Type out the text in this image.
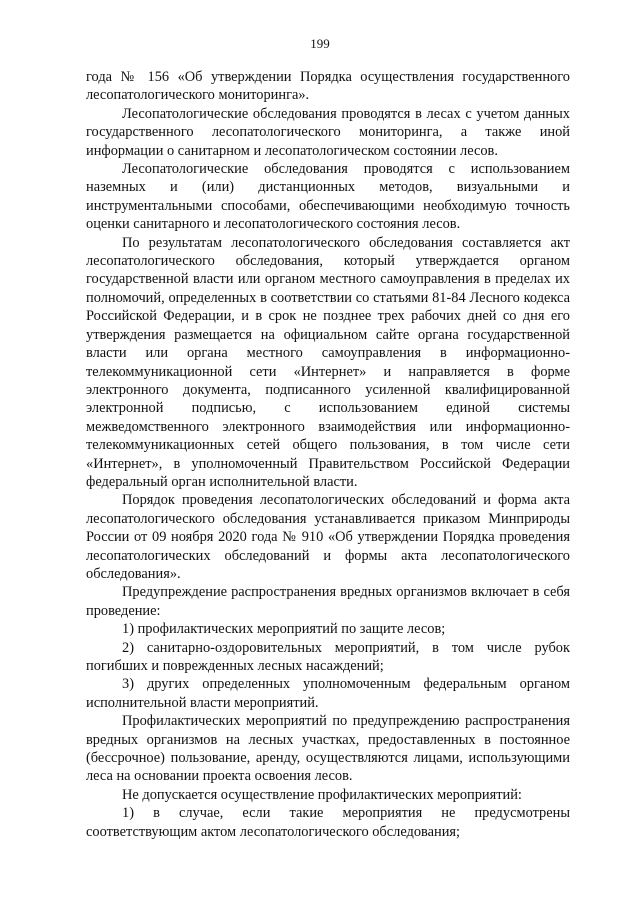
199

года № 156 «Об утверждении Порядка осуществления государственного лесопатологического мониторинга».

Лесопатологические обследования проводятся в лесах с учетом данных государственного лесопатологического мониторинга, а также иной информации о санитарном и лесопатологическом состоянии лесов.

Лесопатологические обследования проводятся с использованием наземных и (или) дистанционных методов, визуальными и инструментальными способами, обеспечивающими необходимую точность оценки санитарного и лесопатологического состояния лесов.

По результатам лесопатологического обследования составляется акт лесопатологического обследования, который утверждается органом государственной власти или органом местного самоуправления в пределах их полномочий, определенных в соответствии со статьями 81-84 Лесного кодекса Российской Федерации, и в срок не позднее трех рабочих дней со дня его утверждения размещается на официальном сайте органа государственной власти или органа местного самоуправления в информационно-телекоммуникационной сети «Интернет» и направляется в форме электронного документа, подписанного усиленной квалифицированной электронной подписью, с использованием единой системы межведомственного электронного взаимодействия или информационно-телекоммуникационных сетей общего пользования, в том числе сети «Интернет», в уполномоченный Правительством Российской Федерации федеральный орган исполнительной власти.

Порядок проведения лесопатологических обследований и форма акта лесопатологического обследования устанавливается приказом Минприроды России от 09 ноября 2020 года № 910 «Об утверждении Порядка проведения лесопатологических обследований и формы акта лесопатологического обследования».

Предупреждение распространения вредных организмов включает в себя проведение:

1) профилактических мероприятий по защите лесов;

2) санитарно-оздоровительных мероприятий, в том числе рубок погибших и поврежденных лесных насаждений;

3) других определенных уполномоченным федеральным органом исполнительной власти мероприятий.

Профилактических мероприятий по предупреждению распространения вредных организмов на лесных участках, предоставленных в постоянное (бессрочное) пользование, аренду, осуществляются лицами, использующими леса на основании проекта освоения лесов.

Не допускается осуществление профилактических мероприятий:

1) в случае, если такие мероприятия не предусмотрены соответствующим актом лесопатологического обследования;
